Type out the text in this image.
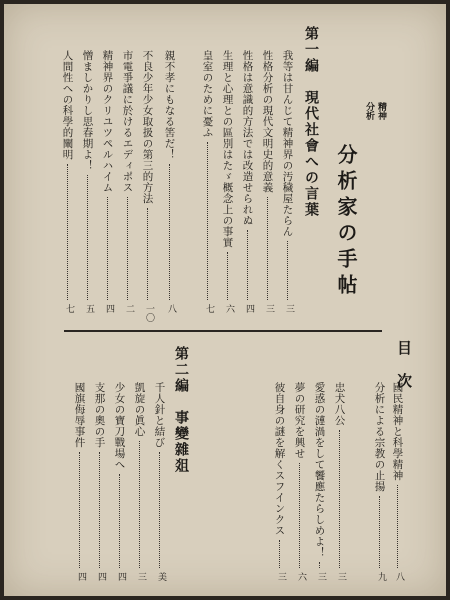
精神
分析
分析家の手帖
第一編　現代社會への言葉
目次
第二編　事變雜爼
我等は甘んじて精神界の汚穢屋たらん
三
性格分析の現代文明史的意義
三
性格は意識的方法では改造せられぬ
四
生理と心理との區別はたゞ概念上の事實
六
皇室のために憂ふ
七
親不孝にもなる筈だ！
八
不良少年少女取扱の第三的方法
一〇
市電爭議に於けるエディポス
二
精神界のクリユツペルハイム
四
憎ましかりし思春期よ！
五
人間性への科學的闡明
七
國民精神と科學精神
八
分析による宗教の止揚
九
忠犬八公
三
愛惑の漣渦をして饗應たらしめよ！
三
夢の研究を興せ
六
彼自身の謎を解くスフインクス
三
千人針と結び
美
凱旋の眞心
三
少女の寶刀戰場へ
四
支那の奧の手
四
國旗侮辱事件
四
